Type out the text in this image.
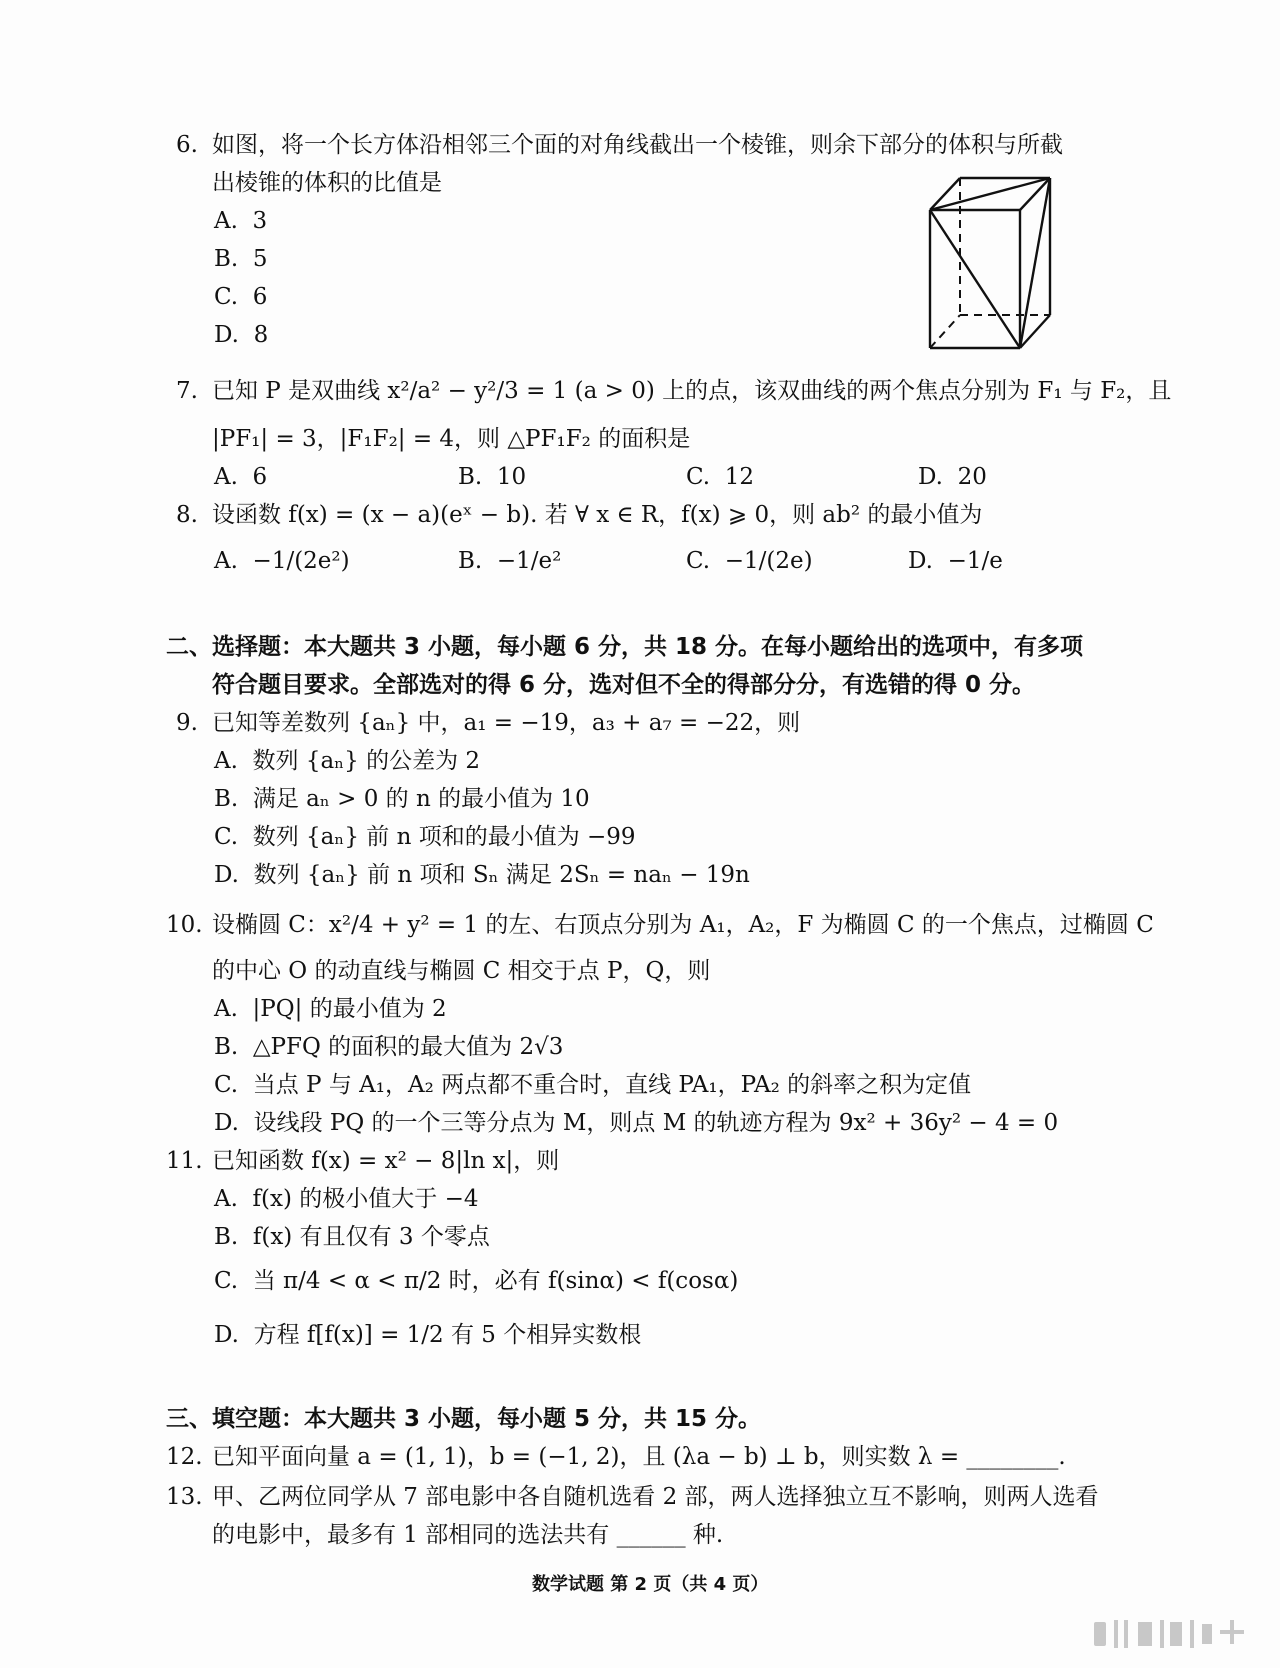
6. 如图，将一个长方体沿相邻三个面的对角线截出一个棱锥，则余下部分的体积与所截
出棱锥的体积的比值是
A. 3
B. 5
C. 6
D. 8
7. 已知 P 是双曲线 x²/a² − y²/3 = 1 (a > 0) 上的点，该双曲线的两个焦点分别为 F₁ 与 F₂，且
|PF₁| = 3，|F₁F₂| = 4，则 △PF₁F₂ 的面积是
A. 6	B. 10	C. 12	D. 20
8. 设函数 f(x) = (x − a)(eˣ − b). 若 ∀ x ∈ R，f(x) ⩾ 0，则 ab² 的最小值为
A. −1/(2e²)	B. −1/e²	C. −1/(2e)	D. −1/e
二、选择题：本大题共 3 小题，每小题 6 分，共 18 分。在每小题给出的选项中，有多项
符合题目要求。全部选对的得 6 分，选对但不全的得部分分，有选错的得 0 分。
9. 已知等差数列 {aₙ} 中，a₁ = −19，a₃ + a₇ = −22，则
A. 数列 {aₙ} 的公差为 2
B. 满足 aₙ > 0 的 n 的最小值为 10
C. 数列 {aₙ} 前 n 项和的最小值为 −99
D. 数列 {aₙ} 前 n 项和 Sₙ 满足 2Sₙ = naₙ − 19n
10. 设椭圆 C：x²/4 + y² = 1 的左、右顶点分别为 A₁，A₂，F 为椭圆 C 的一个焦点，过椭圆 C
的中心 O 的动直线与椭圆 C 相交于点 P，Q，则
A. |PQ| 的最小值为 2
B. △PFQ 的面积的最大值为 2√3
C. 当点 P 与 A₁，A₂ 两点都不重合时，直线 PA₁，PA₂ 的斜率之积为定值
D. 设线段 PQ 的一个三等分点为 M，则点 M 的轨迹方程为 9x² + 36y² − 4 = 0
11. 已知函数 f(x) = x² − 8|ln x|，则
A. f(x) 的极小值大于 −4
B. f(x) 有且仅有 3 个零点
C. 当 π/4 < α < π/2 时，必有 f(sinα) < f(cosα)
D. 方程 f[f(x)] = 1/2 有 5 个相异实数根
三、填空题：本大题共 3 小题，每小题 5 分，共 15 分。
12. 已知平面向量 a = (1, 1)，b = (−1, 2)，且 (λa − b) ⊥ b，则实数 λ = ________.
13. 甲、乙两位同学从 7 部电影中各自随机选看 2 部，两人选择独立互不影响，则两人选看
的电影中，最多有 1 部相同的选法共有 ______ 种.
数学试题 第 2 页（共 4 页）
